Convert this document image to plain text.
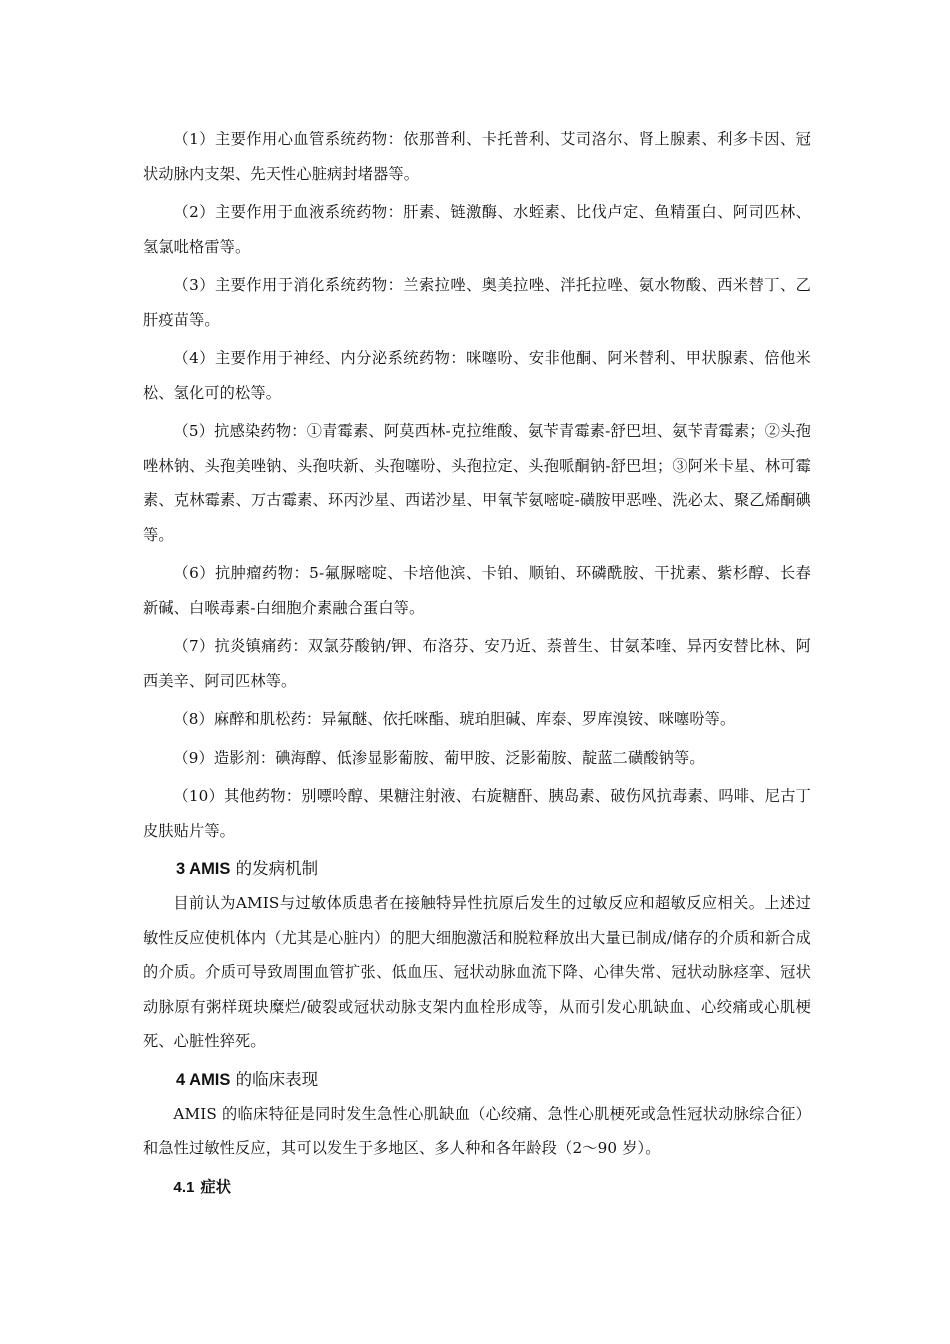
（1）主要作用心血管系统药物：依那普利、卡托普利、艾司洛尔、肾上腺素、利多卡因、冠状动脉内支架、先天性心脏病封堵器等。

（2）主要作用于血液系统药物：肝素、链激酶、水蛭素、比伐卢定、鱼精蛋白、阿司匹林、氢氯吡格雷等。

（3）主要作用于消化系统药物：兰索拉唑、奥美拉唑、泮托拉唑、氨水物酸、西米替丁、乙肝疫苗等。

（4）主要作用于神经、内分泌系统药物：咪噻吩、安非他酮、阿米替利、甲状腺素、倍他米松、氢化可的松等。

（5）抗感染药物：①青霉素、阿莫西林-克拉维酸、氨苄青霉素-舒巴坦、氨苄青霉素；②头孢唑林钠、头孢美唑钠、头孢呋新、头孢噻吩、头孢拉定、头孢哌酮钠-舒巴坦；③阿米卡星、林可霉素、克林霉素、万古霉素、环丙沙星、西诺沙星、甲氧苄氨嘧啶-磺胺甲恶唑、洗必太、聚乙烯酮碘等。

（6）抗肿瘤药物：5-氟脲嘧啶、卡培他滨、卡铂、顺铂、环磷酰胺、干扰素、紫杉醇、长春新碱、白喉毒素-白细胞介素融合蛋白等。

（7）抗炎镇痛药：双氯芬酸钠/钾、布洛芬、安乃近、萘普生、甘氨苯喹、异丙安替比林、阿西美辛、阿司匹林等。

（8）麻醉和肌松药：异氟醚、依托咪酯、琥珀胆碱、库泰、罗库溴铵、咪噻吩等。

（9）造影剂：碘海醇、低渗显影葡胺、葡甲胺、泛影葡胺、靛蓝二磺酸钠等。

（10）其他药物：别嘌呤醇、果糖注射液、右旋糖酐、胰岛素、破伤风抗毒素、吗啡、尼古丁皮肤贴片等。

3 AMIS 的发病机制

目前认为AMIS与过敏体质患者在接触特异性抗原后发生的过敏反应和超敏反应相关。上述过敏性反应使机体内（尤其是心脏内）的肥大细胞激活和脱粒释放出大量已制成/储存的介质和新合成的介质。介质可导致周围血管扩张、低血压、冠状动脉血流下降、心律失常、冠状动脉痉挛、冠状动脉原有粥样斑块糜烂/破裂或冠状动脉支架内血栓形成等，从而引发心肌缺血、心绞痛或心肌梗死、心脏性猝死。

4 AMIS 的临床表现

AMIS 的临床特征是同时发生急性心肌缺血（心绞痛、急性心肌梗死或急性冠状动脉综合征）和急性过敏性反应，其可以发生于多地区、多人种和各年龄段（2～90 岁）。

4.1 症状
